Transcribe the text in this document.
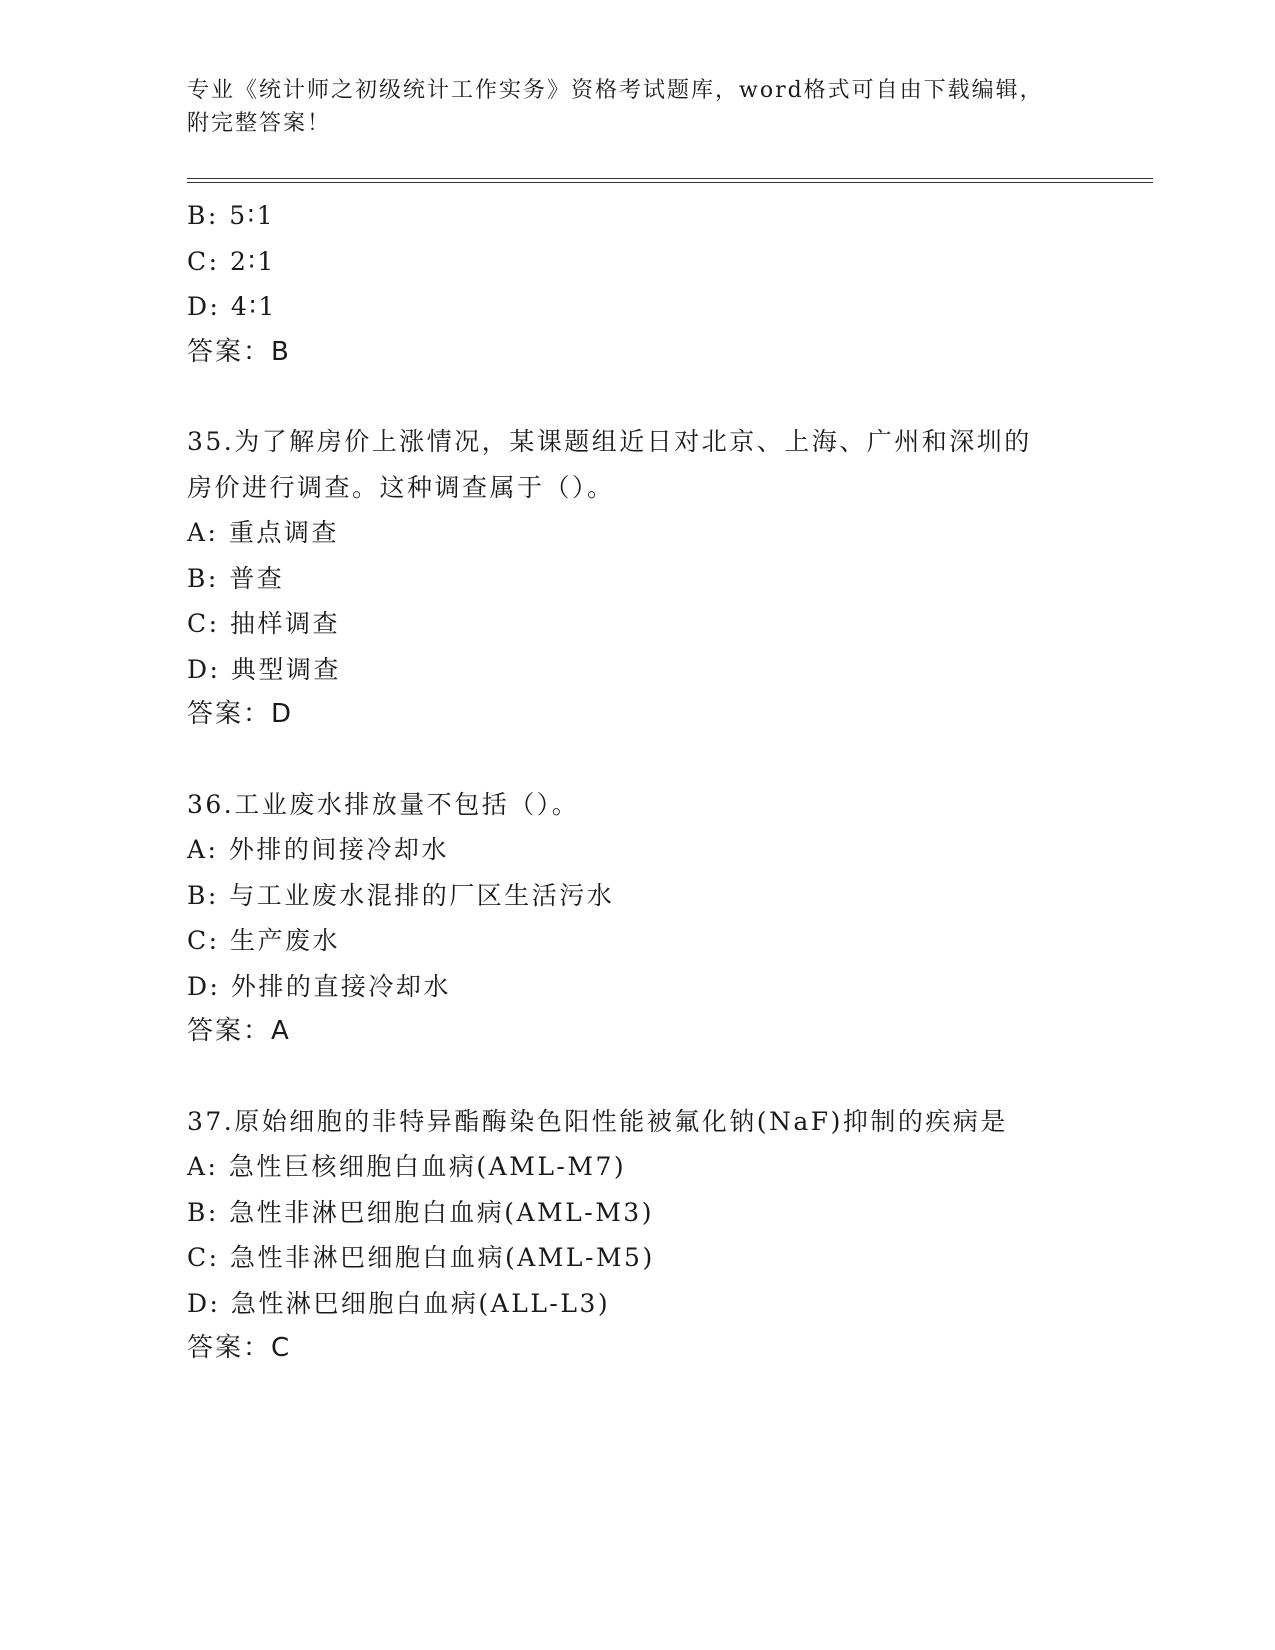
专业《统计师之初级统计工作实务》资格考试题库，word格式可自由下载编辑，
附完整答案！
B: 5∶1
C: 2∶1
D: 4∶1
答案：B
35.为了解房价上涨情况，某课题组近日对北京、上海、广州和深圳的
房价进行调查。这种调查属于（）。
A: 重点调查
B: 普查
C: 抽样调查
D: 典型调查
答案：D
36.工业废水排放量不包括（）。
A: 外排的间接冷却水
B: 与工业废水混排的厂区生活污水
C: 生产废水
D: 外排的直接冷却水
答案：A
37.原始细胞的非特异酯酶染色阳性能被氟化钠(NaF)抑制的疾病是
A: 急性巨核细胞白血病(AML-M7)
B: 急性非淋巴细胞白血病(AML-M3)
C: 急性非淋巴细胞白血病(AML-M5)
D: 急性淋巴细胞白血病(ALL-L3)
答案：C
